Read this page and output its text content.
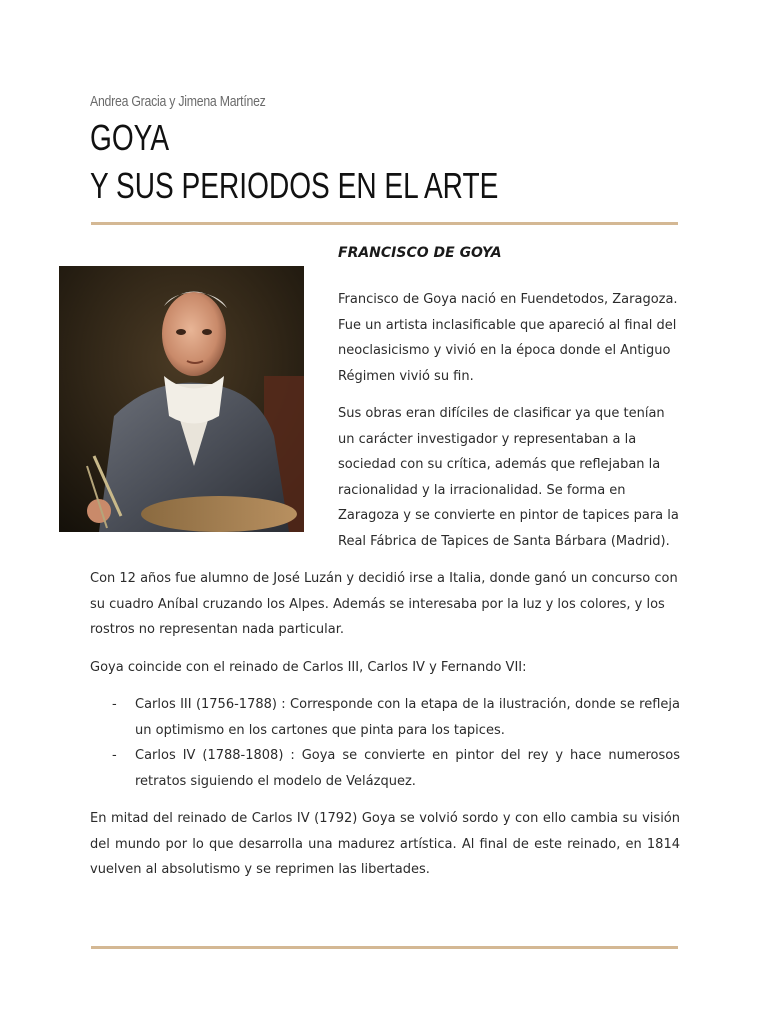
Andrea Gracia y Jimena Martínez
GOYA
Y SUS PERIODOS EN EL ARTE
FRANCISCO DE GOYA

Francisco de Goya nació en Fuendetodos, Zaragoza. Fue un artista inclasificable que apareció al final del neoclasicismo y vivió en la época donde el Antiguo Régimen vivió su fin.

Sus obras eran difíciles de clasificar ya que tenían un carácter investigador y representaban a la sociedad con su crítica, además que reflejaban la racionalidad y la irracionalidad. Se forma en Zaragoza y se convierte en pintor de tapices para la Real Fábrica de Tapices de Santa Bárbara (Madrid).

Con 12 años fue alumno de José Luzán y decidió irse a Italia, donde ganó un concurso con su cuadro Aníbal cruzando los Alpes. Además se interesaba por la luz y los colores, y los rostros no representan nada particular.

Goya coincide con el reinado de Carlos III, Carlos IV y Fernando VII:

- Carlos III (1756-1788) : Corresponde con la etapa de la ilustración, donde se refleja un optimismo en los cartones que pinta para los tapices.
- Carlos IV (1788-1808) : Goya se convierte en pintor del rey y hace numerosos retratos siguiendo el modelo de Velázquez.

En mitad del reinado de Carlos IV (1792) Goya se volvió sordo y con ello cambia su visión del mundo por lo que desarrolla una madurez artística. Al final de este reinado, en 1814 vuelven al absolutismo y se reprimen las libertades.
